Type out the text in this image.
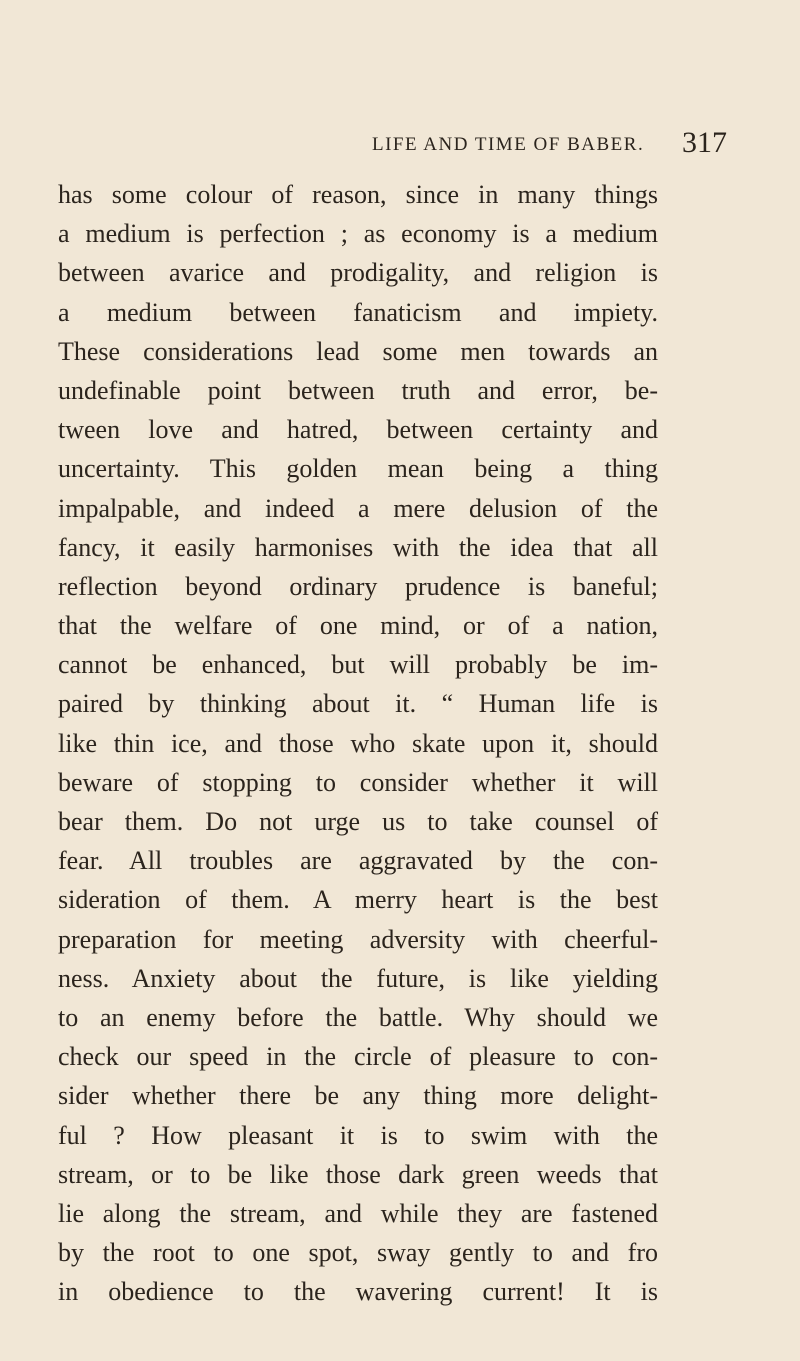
LIFE AND TIME OF BABER. 317
has some colour of reason, since in many things
a medium is perfection ; as economy is a medium
between avarice and prodigality, and religion is
a medium between fanaticism and impiety.
These considerations lead some men towards an
undefinable point between truth and error, be-
tween love and hatred, between certainty and
uncertainty. This golden mean being a thing
impalpable, and indeed a mere delusion of the
fancy, it easily harmonises with the idea that all
reflection beyond ordinary prudence is baneful;
that the welfare of one mind, or of a nation,
cannot be enhanced, but will probably be im-
paired by thinking about it. “ Human life is
like thin ice, and those who skate upon it, should
beware of stopping to consider whether it will
bear them. Do not urge us to take counsel of
fear. All troubles are aggravated by the con-
sideration of them. A merry heart is the best
preparation for meeting adversity with cheerful-
ness. Anxiety about the future, is like yielding
to an enemy before the battle. Why should we
check our speed in the circle of pleasure to con-
sider whether there be any thing more delight-
ful ? How pleasant it is to swim with the
stream, or to be like those dark green weeds that
lie along the stream, and while they are fastened
by the root to one spot, sway gently to and fro
in obedience to the wavering current! It is
